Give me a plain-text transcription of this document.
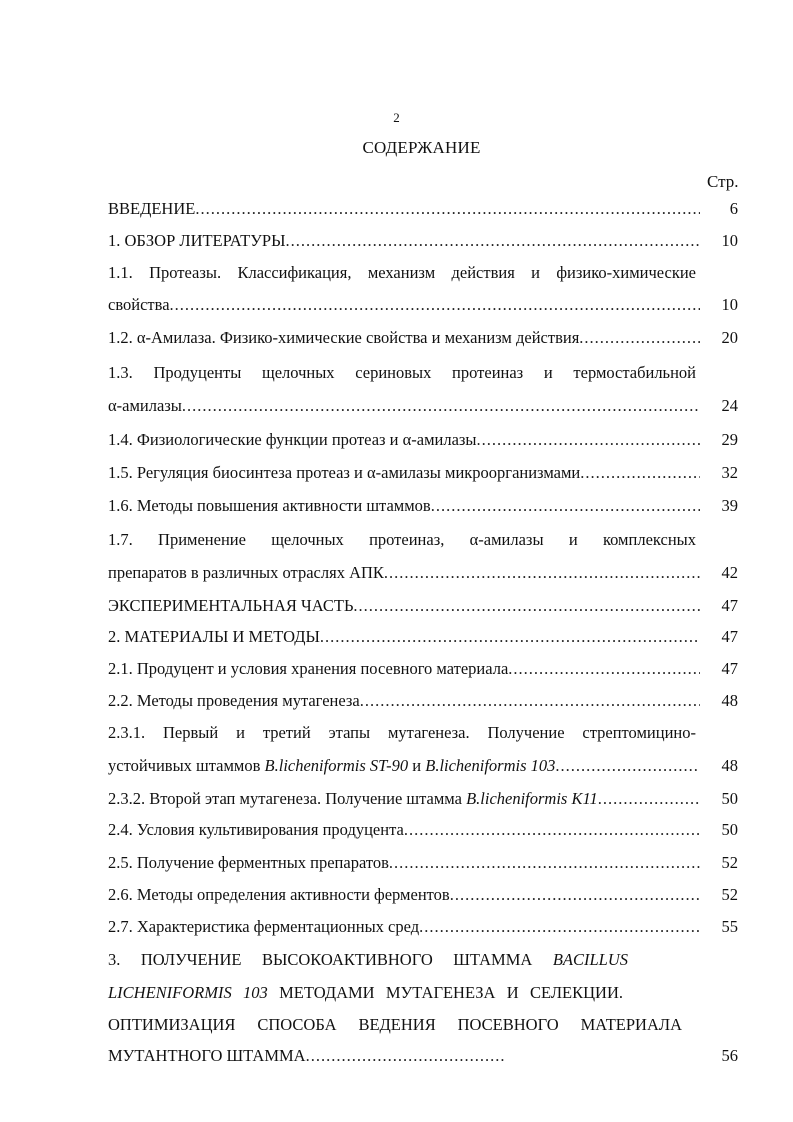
2
СОДЕРЖАНИЕ
Стр.
ВВЕДЕНИЕ .....	6
1. ОБЗОР ЛИТЕРАТУРЫ .....	10
1.1. Протеазы. Классификация, механизм действия и физико-химические
свойства .....	10
1.2. α-Амилаза. Физико-химические свойства и механизм действия .....	20
1.3. Продуценты щелочных сериновых протеиназ и термостабильной
α-амилазы .....	24
1.4. Физиологические функции протеаз и α-амилазы .....	29
1.5. Регуляция биосинтеза протеаз и α-амилазы микроорганизмами .....	32
1.6. Методы повышения активности штаммов .....	39
1.7. Применение щелочных протеиназ, α-амилазы и комплексных
препаратов в различных отраслях АПК .....	42
ЭКСПЕРИМЕНТАЛЬНАЯ ЧАСТЬ .....	47
2. МАТЕРИАЛЫ И МЕТОДЫ .....	47
2.1. Продуцент и условия хранения посевного материала .....	47
2.2. Методы проведения мутагенеза .....	48
2.3.1. Первый и третий этапы мутагенеза. Получение стрептомицино-
устойчивых штаммов B.licheniformis ST-90 и B.licheniformis 103 .....	48
2.3.2. Второй этап мутагенеза. Получение штамма B.licheniformis K11 .....	50
2.4. Условия культивирования продуцента .....	50
2.5. Получение ферментных препаратов .....	52
2.6. Методы определения активности ферментов .....	52
2.7. Характеристика ферментационных сред .....	55
3. ПОЛУЧЕНИЕ ВЫСОКОАКТИВНОГО ШТАММА BACILLUS
LICHENIFORMIS 103 МЕТОДАМИ МУТАГЕНЕЗА И СЕЛЕКЦИИ.
ОПТИМИЗАЦИЯ СПОСОБА ВЕДЕНИЯ ПОСЕВНОГО МАТЕРИАЛА
МУТАНТНОГО ШТАММА .....	56
